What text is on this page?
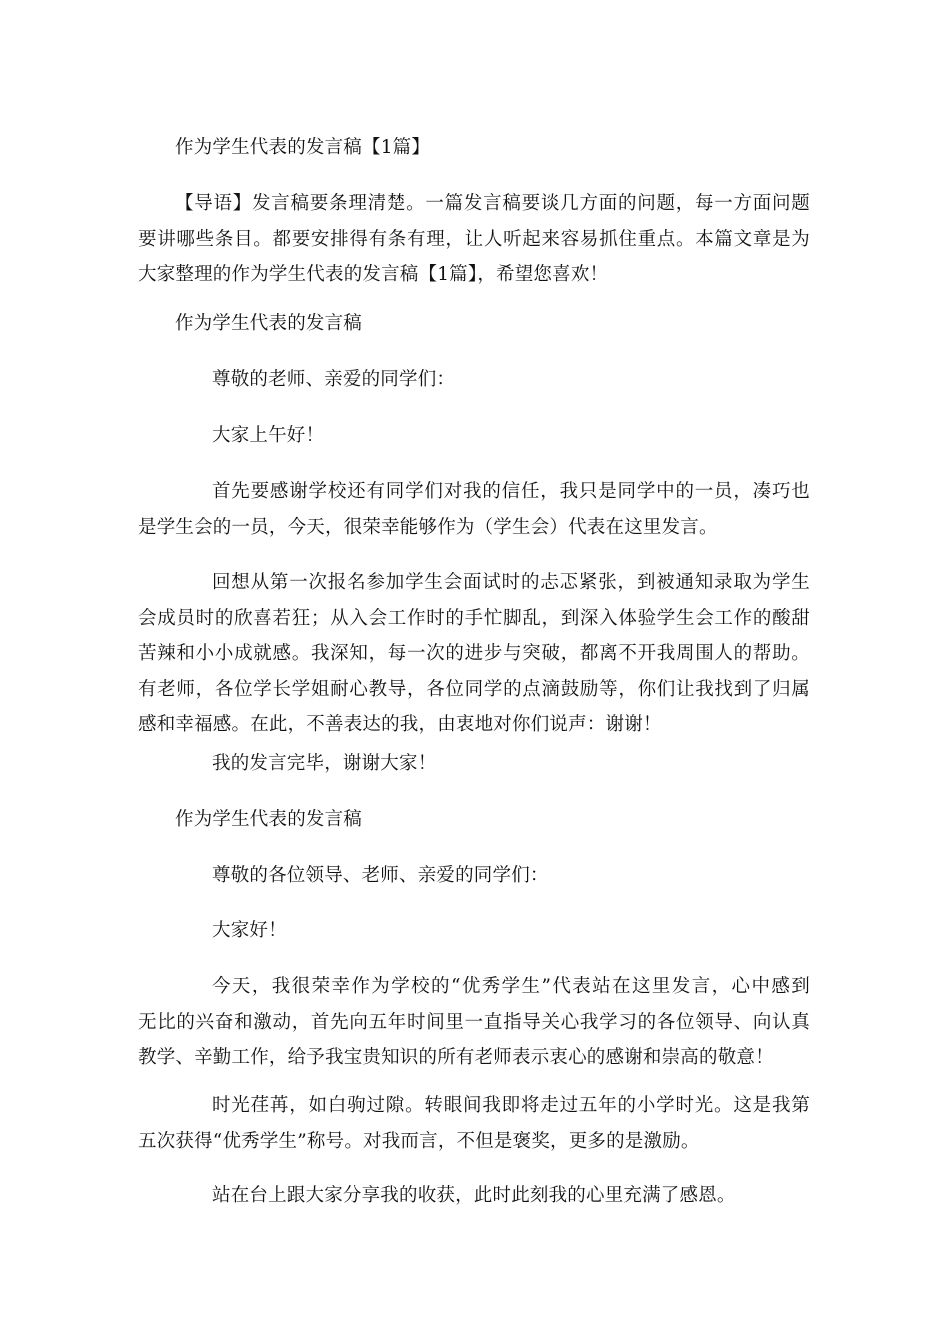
作为学生代表的发言稿【1篇】

【导语】发言稿要条理清楚。一篇发言稿要谈几方面的问题，每一方面问题
要讲哪些条目。都要安排得有条有理，让人听起来容易抓住重点。本篇文章是为
大家整理的作为学生代表的发言稿【1篇】，希望您喜欢！

作为学生代表的发言稿

尊敬的老师、亲爱的同学们：

大家上午好！

首先要感谢学校还有同学们对我的信任，我只是同学中的一员，凑巧也
是学生会的一员，今天，很荣幸能够作为（学生会）代表在这里发言。

回想从第一次报名参加学生会面试时的忐忑紧张，到被通知录取为学生
会成员时的欣喜若狂；从入会工作时的手忙脚乱，到深入体验学生会工作的酸甜
苦辣和小小成就感。我深知，每一次的进步与突破，都离不开我周围人的帮助。
有老师，各位学长学姐耐心教导，各位同学的点滴鼓励等，你们让我找到了归属
感和幸福感。在此，不善表达的我，由衷地对你们说声：谢谢！

我的发言完毕，谢谢大家！

作为学生代表的发言稿

尊敬的各位领导、老师、亲爱的同学们：

大家好！

今天，我很荣幸作为学校的“优秀学生”代表站在这里发言，心中感到
无比的兴奋和激动，首先向五年时间里一直指导关心我学习的各位领导、向认真
教学、辛勤工作，给予我宝贵知识的所有老师表示衷心的感谢和崇高的敬意！

时光荏苒，如白驹过隙。转眼间我即将走过五年的小学时光。这是我第
五次获得“优秀学生”称号。对我而言，不但是褒奖，更多的是激励。

站在台上跟大家分享我的收获，此时此刻我的心里充满了感恩。
